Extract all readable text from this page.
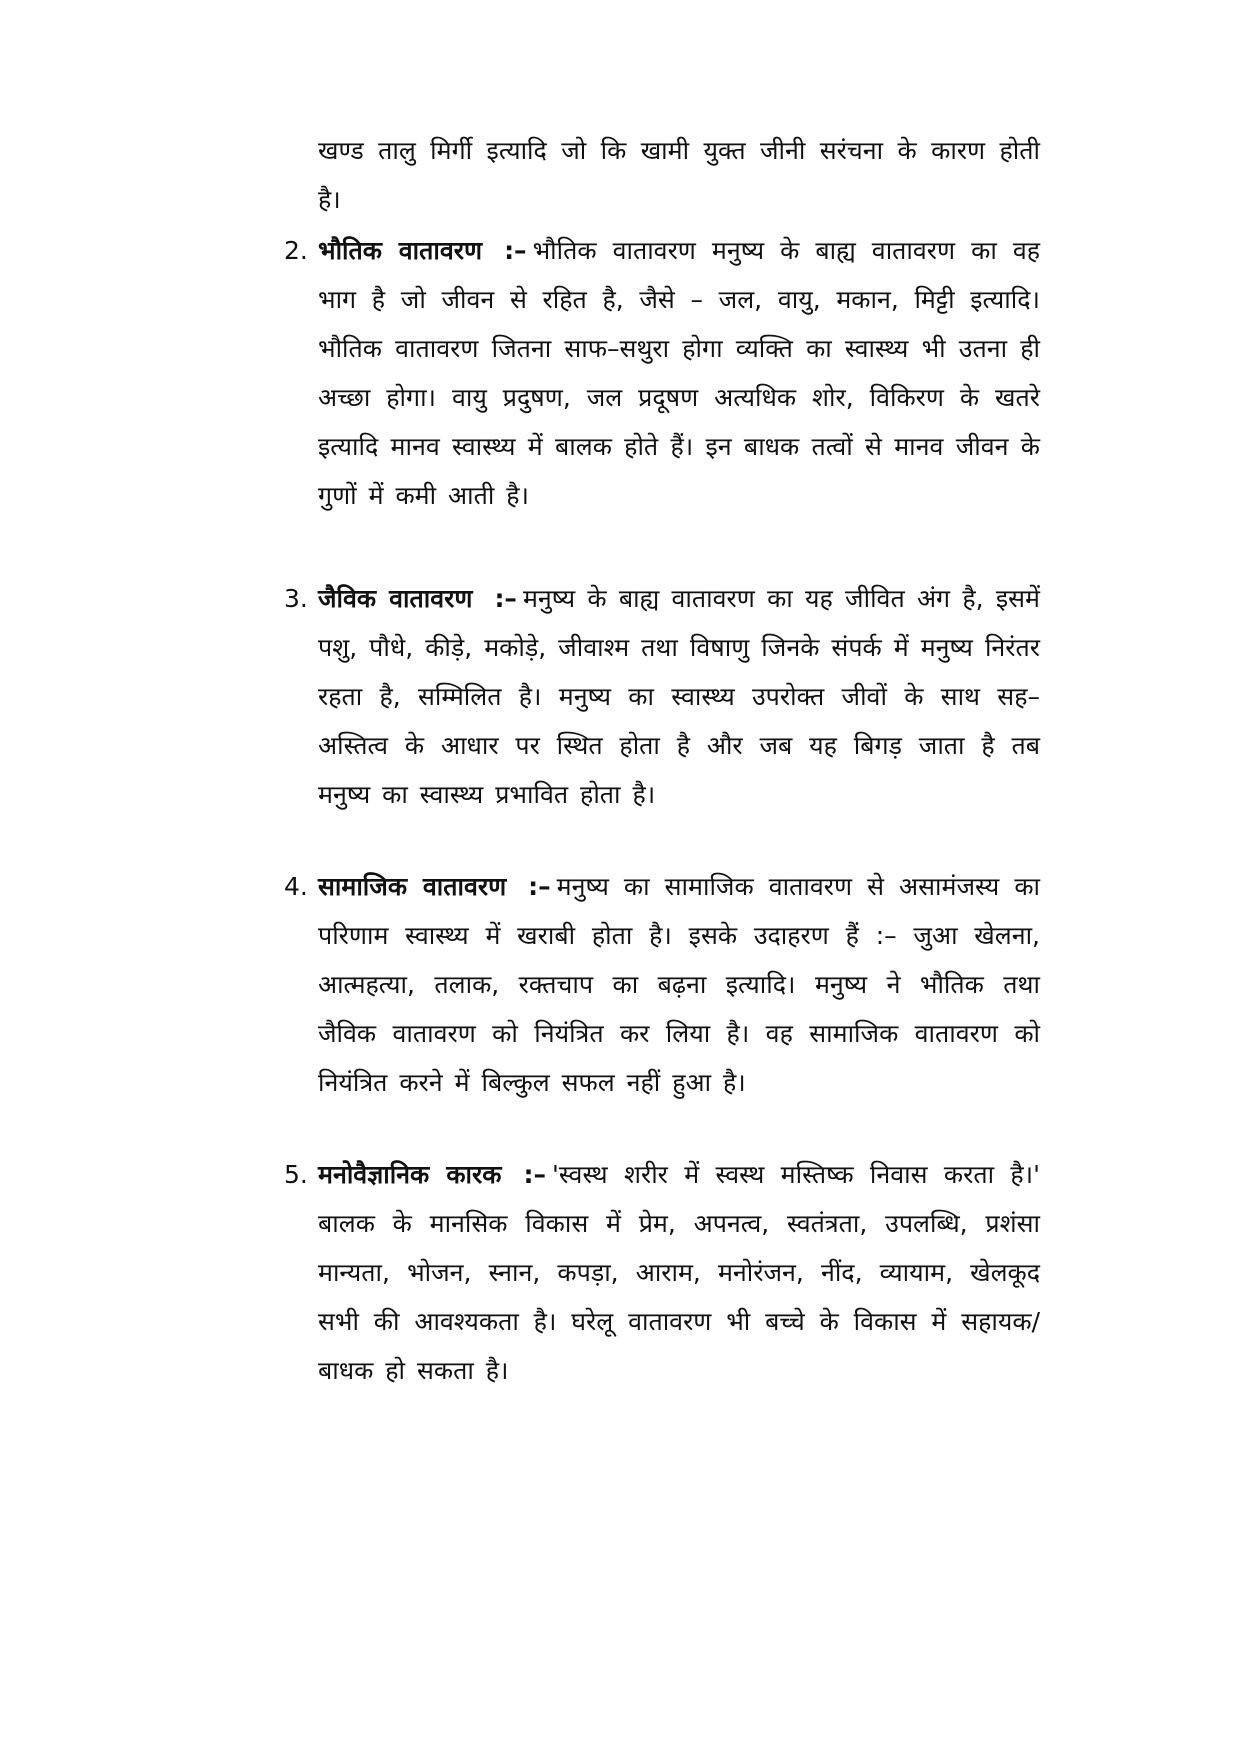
खण्ड तालु मिर्गी इत्यादि जो कि खामी युक्त जीनी सरंचना के कारण होती है।
2. भौतिक वातावरण :– भौतिक वातावरण मनुष्य के बाह्य वातावरण का वह भाग है जो जीवन से रहित है, जैसे – जल, वायु, मकान, मिट्टी इत्यादि। भौतिक वातावरण जितना साफ–सथुरा होगा व्यक्ति का स्वास्थ्य भी उतना ही अच्छा होगा। वायु प्रदुषण, जल प्रदूषण अत्यधिक शोर, विकिरण के खतरे इत्यादि मानव स्वास्थ्य में बालक होते हैं। इन बाधक तत्वों से मानव जीवन के गुणों में कमी आती है।
3. जैविक वातावरण :– मनुष्य के बाह्य वातावरण का यह जीवित अंग है, इसमें पशु, पौधे, कीड़े, मकोड़े, जीवाश्म तथा विषाणु जिनके संपर्क में मनुष्य निरंतर रहता है, सम्मिलित है। मनुष्य का स्वास्थ्य उपरोक्त जीवों के साथ सह–अस्तित्व के आधार पर स्थित होता है और जब यह बिगड़ जाता है तब मनुष्य का स्वास्थ्य प्रभावित होता है।
4. सामाजिक वातावरण :– मनुष्य का सामाजिक वातावरण से असामंजस्य का परिणाम स्वास्थ्य में खराबी होता है। इसके उदाहरण हैं :– जुआ खेलना, आत्महत्या, तलाक, रक्तचाप का बढ़ना इत्यादि। मनुष्य ने भौतिक तथा जैविक वातावरण को नियंत्रित कर लिया है। वह सामाजिक वातावरण को नियंत्रित करने में बिल्कुल सफल नहीं हुआ है।
5. मनोवैज्ञानिक कारक :– 'स्वस्थ शरीर में स्वस्थ मस्तिष्क निवास करता है।' बालक के मानसिक विकास में प्रेम, अपनत्व, स्वतंत्रता, उपलब्धि, प्रशंसा मान्यता, भोजन, स्नान, कपड़ा, आराम, मनोरंजन, नींद, व्यायाम, खेलकूद सभी की आवश्यकता है। घरेलू वातावरण भी बच्चे के विकास में सहायक/ बाधक हो सकता है।
